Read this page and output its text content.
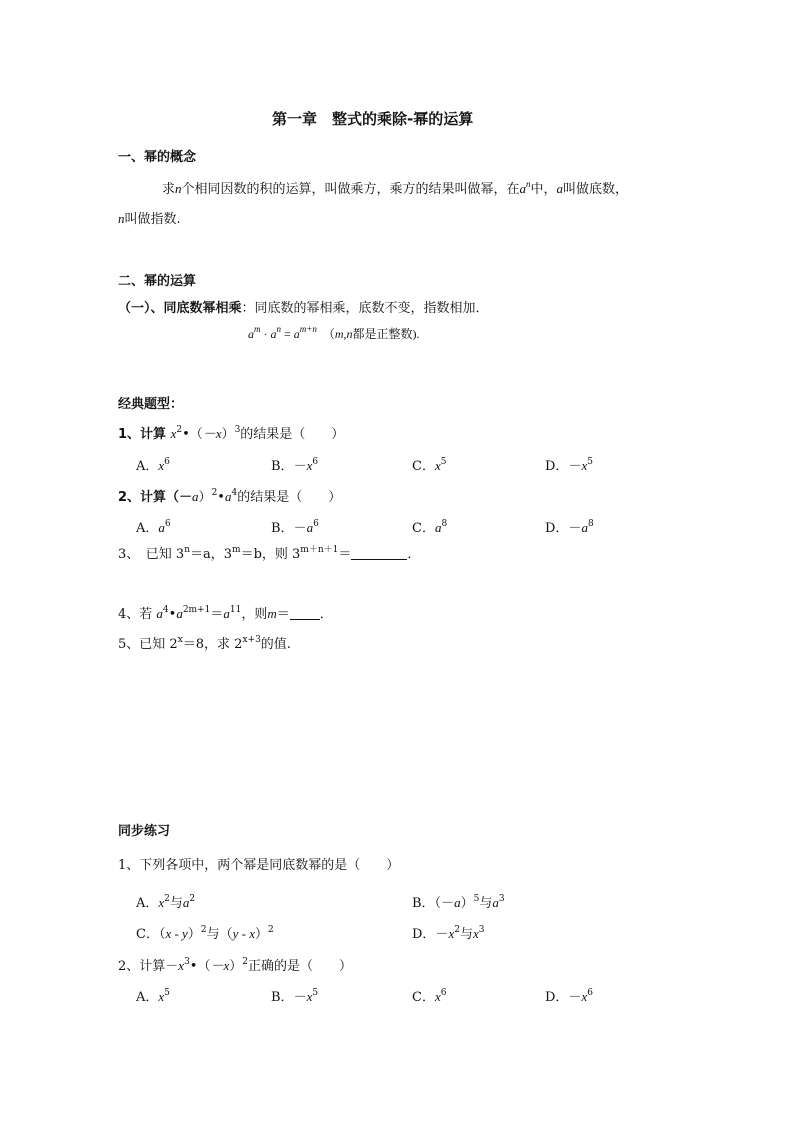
第一章　整式的乘除-幂的运算
一、幂的概念
求n个相同因数的积的运算，叫做乘方，乘方的结果叫做幂，在$a^n$中，a叫做底数，
n叫做指数.
二、幂的运算
（一）、同底数幂相乘：同底数的幂相乘，底数不变，指数相加．
$a^m \cdot a^n = a^{m+n}$ （m,n都是正整数).
经典题型：
1、计算 $x^2•(-x)^3$的结果是（　　）
A．$x^6$	B．$-x^6$	C．$x^5$	D．$-x^5$
2、计算$(-a)^2•a^4$的结果是（　　）
A．$a^6$	B．$-a^6$	C．$a^8$	D．$-a^8$
3、　已知 $3^n=a$，$3^m=b$，则 $3^{m+n+1}=$	．
4、若 $a^4•a^{2m+1}=a^{11}$，则m＝ ．
5、已知 $2^x=8$，求 $2^{x+3}$的值.
同步练习
1、下列各项中，两个幂是同底数幂的是（　　）
A．$x^2$与$a^2$	B．$(-a)^5$与$a^3$
C．（x - y）$^2$与（y - x）$^2$	D．$-x^2$与$x^3$
2、计算$-x^3•(-x)^2$正确的是（　　）
A．$x^5$	B．$-x^5$	C．$x^6$	D．$-x^6$
